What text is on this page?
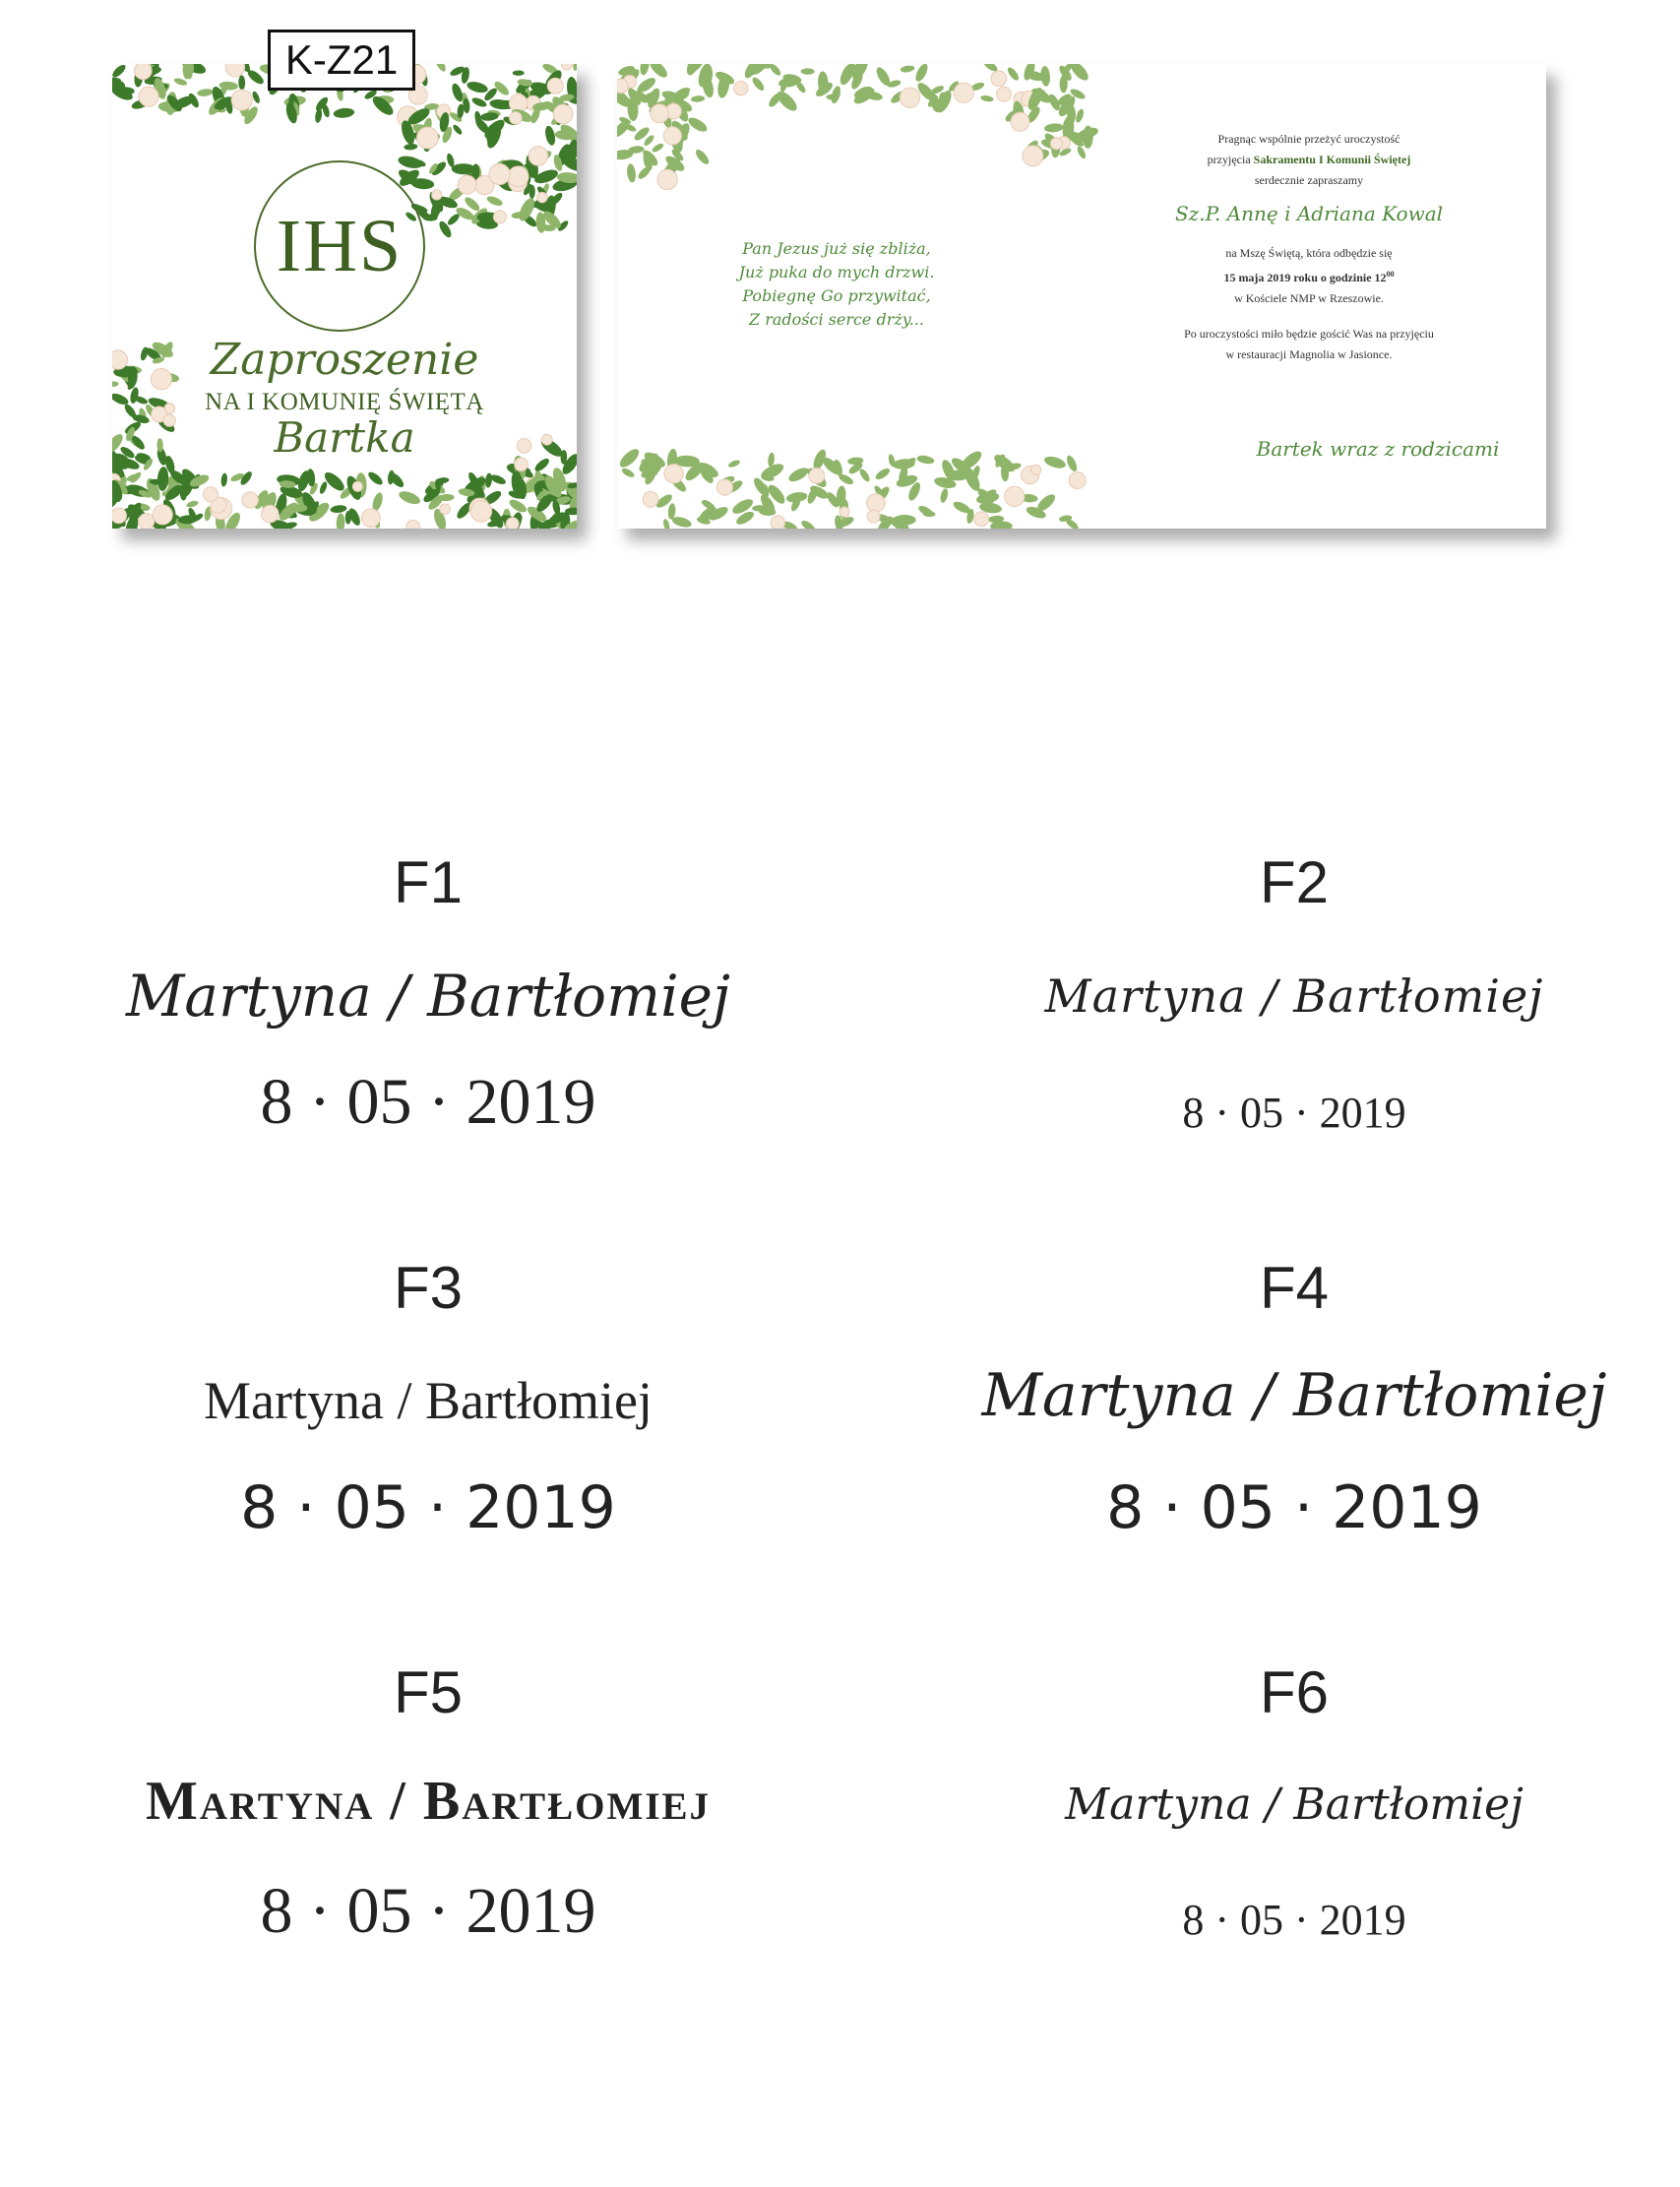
K-Z21
IHS
Zaproszenie
NA I KOMUNIĘ ŚWIĘTĄ
Bartka
Pan Jezus już się zbliża,
Już puka do mych drzwi.
Pobiegnę Go przywitać,
Z radości serce drży...
Pragnąc wspólnie przeżyć uroczystość
przyjęcia Sakramentu I Komunii Świętej
serdecznie zapraszamy
Sz.P. Annę i Adriana Kowal
na Mszę Świętą, która odbędzie się
15 maja 2019 roku o godzinie $12^{00}$
w Kościele NMP w Rzeszowie.
Po uroczystości miło będzie gościć Was na przyjęciu
w restauracji Magnolia w Jasionce.
Bartek wraz z rodzicami
F1
Martyna / Bartłomiej
8 · 05 · 2019
F2
Martyna / Bartłomiej
8 · 05 · 2019
F3
Martyna / Bartłomiej
8 · 05 · 2019
F4
Martyna / Bartłomiej
8 · 05 · 2019
F5
Martyna / Bartłomiej
8 · 05 · 2019
F6
Martyna / Bartłomiej
8 · 05 · 2019
